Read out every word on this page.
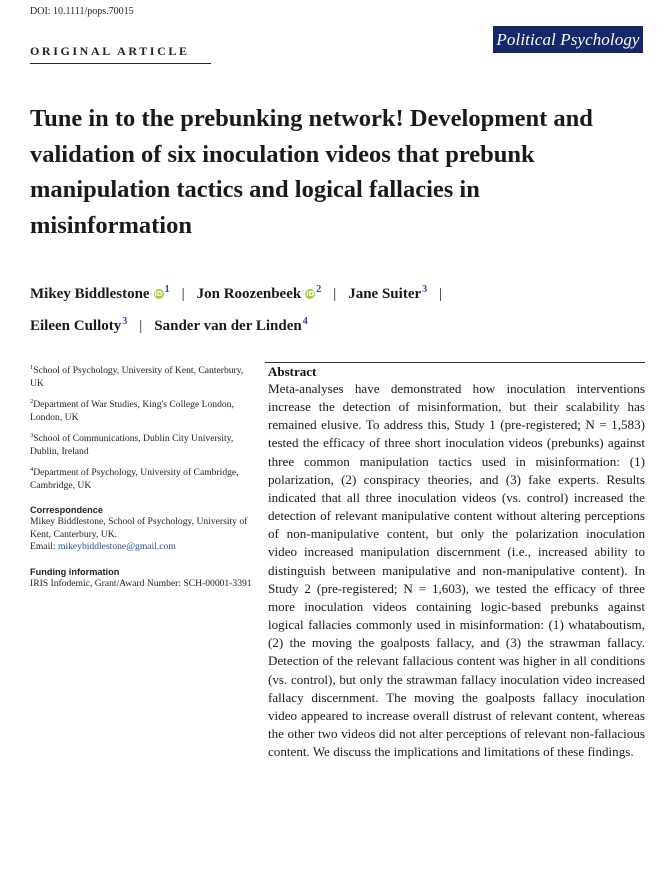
DOI: 10.1111/pops.70015
ORIGINAL ARTICLE
Political Psychology
Tune in to the prebunking network! Development and validation of six inoculation videos that prebunk manipulation tactics and logical fallacies in misinformation
Mikey Biddlestone iD $^1$ | Jon Roozenbeek iD $^2$ | Jane Suiter$^3$ |
Eileen Culloty$^3$ | Sander van der Linden$^4$

$^1$School of Psychology, University of Kent, Canterbury, UK

$^2$Department of War Studies, King's College London, London, UK

$^3$School of Communications, Dublin City University, Dublin, Ireland

$^4$Department of Psychology, University of Cambridge, Cambridge, UK

Correspondence

Mikey Biddlestone, School of Psychology, University of Kent, Canterbury, UK.

Email: mikeybiddlestone@gmail.com

Funding information

IRIS Infodemic, Grant/Award Number: SCH-00001-3391

Abstract

Meta-analyses have demonstrated how inoculation interventions increase the detection of misinformation, but their scalability has remained elusive. To address this, Study 1 (pre-registered; N = 1,583) tested the efficacy of three short inoculation videos (prebunks) against three common manipulation tactics used in misinformation: (1) polarization, (2) conspiracy theories, and (3) fake experts. Results indicated that all three inoculation videos (vs. control) increased the detection of relevant manipulative content without altering perceptions of non-manipulative content, but only the polarization inoculation video increased manipulation discernment (i.e., increased ability to distinguish between manipulative and non-manipulative content). In Study 2 (pre-registered; N = 1,603), we tested the efficacy of three more inoculation videos containing logic-based prebunks against logical fallacies commonly used in misinformation: (1) whataboutism, (2) the moving the goalposts fallacy, and (3) the strawman fallacy. Detection of the relevant fallacious content was higher in all conditions (vs. control), but only the strawman fallacy inoculation video increased fallacy discernment. The moving the goalposts fallacy inoculation video appeared to increase overall distrust of relevant content, whereas the other two videos did not alter perceptions of relevant non-fallacious content. We discuss the implications and limitations of these findings.
